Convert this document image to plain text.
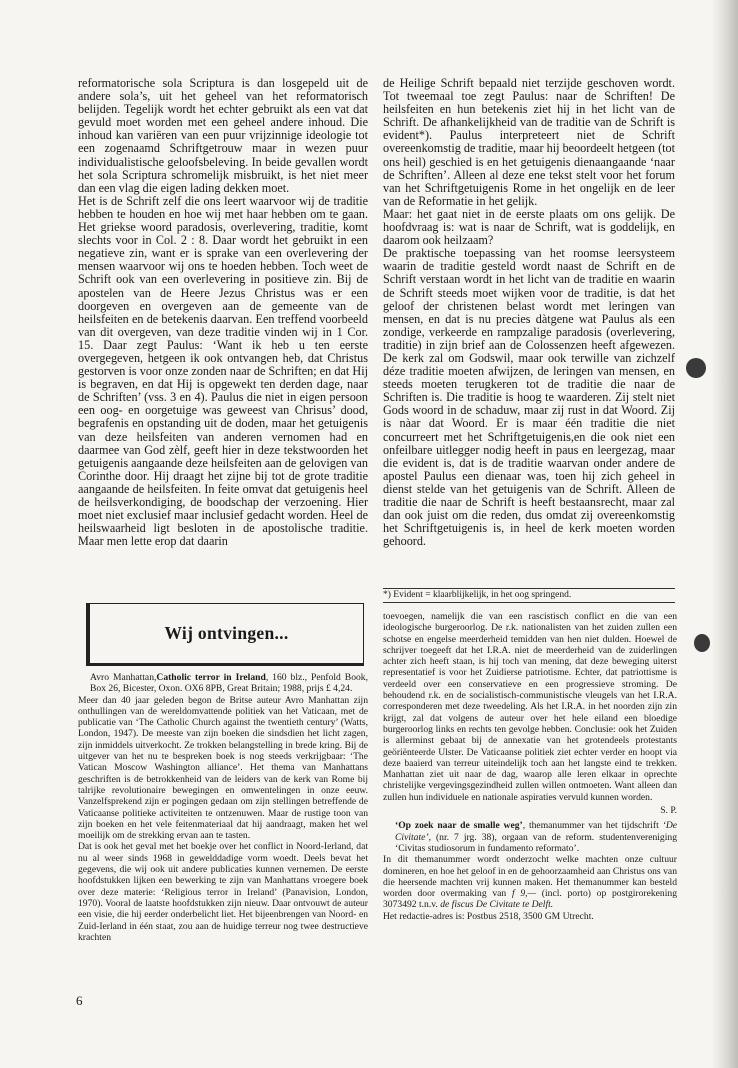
reformatorische sola Scriptura is dan losgepeld uit de andere sola’s, uit het geheel van het reformatorisch belijden. Tegelijk wordt het echter gebruikt als een vat dat gevuld moet worden met een geheel andere inhoud. Die inhoud kan variëren van een puur vrijzinnige ideologie tot een zogenaamd Schriftgetrouw maar in wezen puur individualistische geloofsbeleving. In beide gevallen wordt het sola Scriptura schromelijk misbruikt, is het niet meer dan een vlag die eigen lading dekken moet.

Het is de Schrift zelf die ons leert waarvoor wij de traditie hebben te houden en hoe wij met haar hebben om te gaan. Het griekse woord paradosis, overlevering, traditie, komt slechts voor in Col. 2 : 8. Daar wordt het gebruikt in een negatieve zin, want er is sprake van een overlevering der mensen waarvoor wij ons te hoeden hebben. Toch weet de Schrift ook van een overlevering in positieve zin. Bij de apostelen van de Heere Jezus Christus was er een doorgeven en overgeven aan de gemeente van de heilsfeiten en de betekenis daarvan. Een treffend voorbeeld van dit overgeven, van deze traditie vinden wij in 1 Cor. 15. Daar zegt Paulus: ‘Want ik heb u ten eerste overgegeven, hetgeen ik ook ontvangen heb, dat Christus gestorven is voor onze zonden naar de Schriften; en dat Hij is begraven, en dat Hij is opgewekt ten derden dage, naar de Schriften’ (vss. 3 en 4). Paulus die niet in eigen persoon een oog- en oorgetuige was geweest van Chrisus’ dood, begrafenis en opstanding uit de doden, maar het getuigenis van deze heilsfeiten van anderen vernomen had en daarmee van God zèlf, geeft hier in deze tekstwoorden het getuigenis aangaande deze heilsfeiten aan de gelovigen van Corinthe door. Hij draagt het zijne bij tot de grote traditie aangaande de heilsfeiten. In feite omvat dat getuigenis heel de heilsverkondiging, de boodschap der verzoening. Hier moet niet exclusief maar inclusief gedacht worden. Heel de heilswaarheid ligt besloten in de apostolische traditie. Maar men lette erop dat daarin

de Heilige Schrift bepaald niet terzijde geschoven wordt. Tot tweemaal toe zegt Paulus: naar de Schriften! De heilsfeiten en hun betekenis ziet hij in het licht van de Schrift. De afhankelijkheid van de traditie van de Schrift is evident*). Paulus interpreteert niet de Schrift overeenkomstig de traditie, maar hij beoordeelt hetgeen (tot ons heil) geschied is en het getuigenis dienaangaande ‘naar de Schriften’. Alleen al deze ene tekst stelt voor het forum van het Schriftgetuigenis Rome in het ongelijk en de leer van de Reformatie in het gelijk.

Maar: het gaat niet in de eerste plaats om ons gelijk. De hoofdvraag is: wat is naar de Schrift, wat is goddelijk, en daarom ook heilzaam?

De praktische toepassing van het roomse leersysteem waarin de traditie gesteld wordt naast de Schrift en de Schrift verstaan wordt in het licht van de traditie en waarin de Schrift steeds moet wijken voor de traditie, is dat het geloof der christenen belast wordt met leringen van mensen, en dat is nu precies dàtgene wat Paulus als een zondige, verkeerde en rampzalige paradosis (overlevering, traditie) in zijn brief aan de Colossenzen heeft afgewezen. De kerk zal om Godswil, maar ook terwille van zichzelf déze traditie moeten afwijzen, de leringen van mensen, en steeds moeten terugkeren tot de traditie die naar de Schriften is. Die traditie is hoog te waarderen. Zij stelt niet Gods woord in de schaduw, maar zij rust in dat Woord. Zij is nàar dat Woord. Er is maar één traditie die niet concurreert met het Schriftgetuigenis,en die ook niet een onfeilbare uitlegger nodig heeft in paus en leergezag, maar die evident is, dat is de traditie waarvan onder andere de apostel Paulus een dienaar was, toen hij zich geheel in dienst stelde van het getuigenis van de Schrift. Alleen de traditie die naar de Schrift is heeft bestaansrecht, maar zal dan ook juist om die reden, dus omdat zij overeenkomstig het Schriftgetuigenis is, in heel de kerk moeten worden gehoord.

*) Evident = klaarblijkelijk, in het oog springend.
Wij ontvingen...

Avro Manhattan,Catholic terror in Ireland, 160 blz., Penfold Book, Box 26, Bicester, Oxon. OX6 8PB, Great Britain; 1988, prijs £ 4,24.

Meer dan 40 jaar geleden begon de Britse auteur Avro Manhattan zijn onthullingen van de wereldomvattende politiek van het Vaticaan, met de publicatie van ‘The Catholic Church against the twentieth century’ (Watts, London, 1947). De meeste van zijn boeken die sindsdien het licht zagen, zijn inmiddels uitverkocht. Ze trokken belangstelling in brede kring. Bij de uitgever van het nu te bespreken boek is nog steeds verkrijgbaar: ‘The Vatican Moscow Washington alliance’. Het thema van Manhattans geschriften is de betrokkenheid van de leiders van de kerk van Rome bij talrijke revolutionaire bewegingen en omwentelingen in onze eeuw. Vanzelfsprekend zijn er pogingen gedaan om zijn stellingen betreffende de Vaticaanse politieke activiteiten te ontzenuwen. Maar de rustige toon van zijn boeken en het vele feitenmateriaal dat hij aandraagt, maken het wel moeilijk om de strekking ervan aan te tasten.

Dat is ook het geval met het boekje over het conflict in Noord-Ierland, dat nu al weer sinds 1968 in gewelddadige vorm woedt. Deels bevat het gegevens, die wij ook uit andere publicaties kunnen vernemen. De eerste hoofdstukken lijken een bewerking te zijn van Manhattans vroegere boek over deze materie: ‘Religious terror in Ireland’ (Panavision, London, 1970). Vooral de laatste hoofdstukken zijn nieuw. Daar ontvouwt de auteur een visie, die hij eerder onderbelicht liet. Het bijeenbrengen van Noord- en Zuid-Ierland in één staat, zou aan de huidige terreur nog twee destructieve krachten

toevoegen, namelijk die van een rascistisch conflict en die van een ideologische burgeroorlog. De r.k. nationalisten van het zuiden zullen een schotse en engelse meerderheid temidden van hen niet dulden. Hoewel de schrijver toegeeft dat het I.R.A. niet de meerderheid van de zuiderlingen achter zich heeft staan, is hij toch van mening, dat deze beweging uiterst representatief is voor het Zuidierse patriotisme. Echter, dat patriottisme is verdeeld over een conservatieve en een progressieve stroming. De behoudend r.k. en de socialistisch-communistische vleugels van het I.R.A. corresponderen met deze tweedeling. Als het I.R.A. in het noorden zijn zin krijgt, zal dat volgens de auteur over het hele eiland een bloedige burgeroorlog links en rechts ten gevolge hebben. Conclusie: ook het Zuiden is allerminst gebaat bij de annexatie van het grotendeels protestants geöriënteerde Ulster. De Vaticaanse politiek ziet echter verder en hoopt via deze baaierd van terreur uiteindelijk toch aan het langste eind te trekken. Manhattan ziet uit naar de dag, waarop alle leren elkaar in oprechte christelijke vergevingsgezindheid zullen willen ontmoeten. Want alleen dan zullen hun individuele en nationale aspiraties vervuld kunnen worden.

S. P.

‘Op zoek naar de smalle weg’, themanummer van het tijdschrift ‘De Civitate’, (nr. 7 jrg. 38), orgaan van de reform. studentenvereniging ‘Civitas studiosorum in fundamento reformato’.

In dit themanummer wordt onderzocht welke machten onze cultuur domineren, en hoe het geloof in en de gehoorzaamheid aan Christus ons van die heersende machten vrij kunnen maken. Het themanummer kan besteld worden door overmaking van f 9,— (incl. porto) op postgirorekening 3073492 t.n.v. de fiscus De Civitate te Delft.

Het redactie-adres is: Postbus 2518, 3500 GM Utrecht.

6
